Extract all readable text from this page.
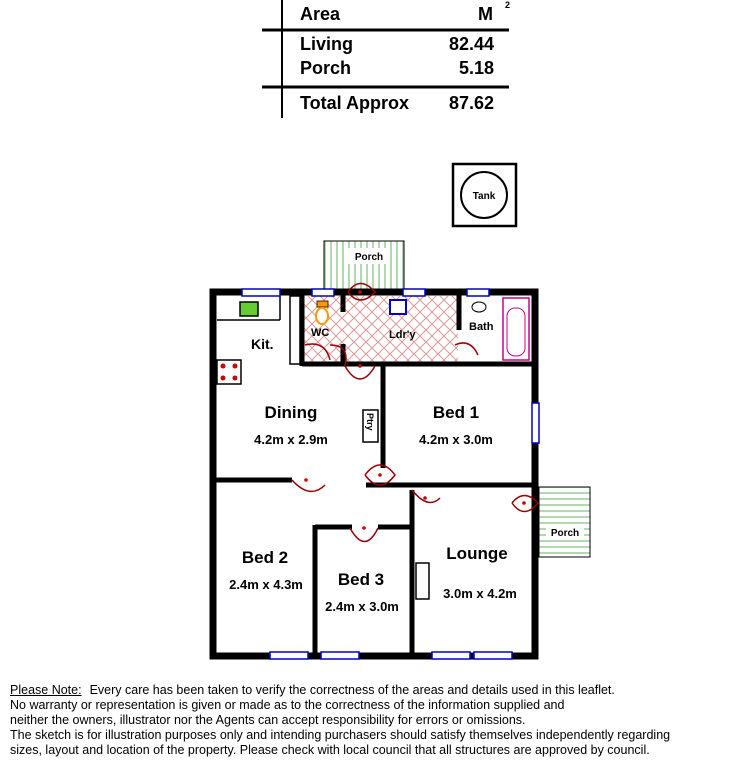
Area	M 2
Living	82.44
Porch	5.18
Total Approx	87.62
Tank
Porch
Porch
Ptry
WC	Ldr'y
Bath
Kit.
Dining
4.2m x 2.9m
Bed 1
4.2m x 3.0m
Bed 2
2.4m x 4.3m Bed 3
2.4m x 3.0m
Lounge
3.0m x 4.2m

Please Note: Every care has been taken to verify the correctness of the areas and details used in this leaflet.

No warranty or representation is given or made as to the correctness of the information supplied and

neither the owners, illustrator nor the Agents can accept responsibility for errors or omissions.

The sketch is for illustration purposes only and intending purchasers should satisfy themselves independently regarding

sizes, layout and location of the property. Please check with local council that all structures are approved by council.
